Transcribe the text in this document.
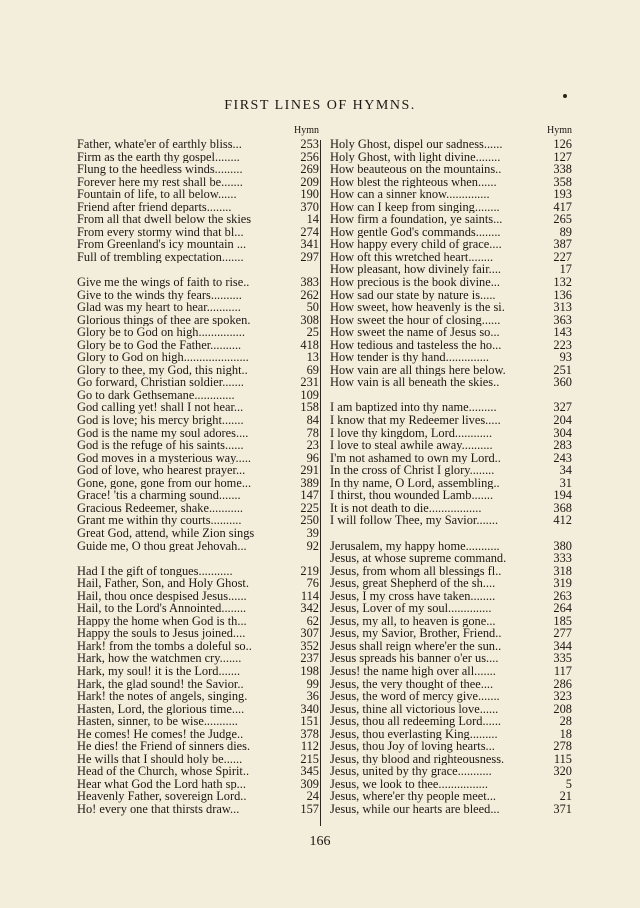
FIRST LINES OF HYMNS.
Hymn
Father, whate'er of earthly bliss...	253
Firm as the earth thy gospel........	256
Flung to the heedless winds.........	269
Forever here my rest shall be.......	209
Fountain of life, to all below......	190
Friend after friend departs........	370
From all that dwell below the skies	14
From every stormy wind that bl...	274
From Greenland's icy mountain ...	341
Full of trembling expectation.......	297
Give me the wings of faith to rise..	383
Give to the winds thy fears..........	262
Glad was my heart to hear...........	50
Glorious things of thee are spoken.	308
Glory be to God on high...............	25
Glory be to God the Father..........	418
Glory to God on high.....................	13
Glory to thee, my God, this night..	69
Go forward, Christian soldier.......	231
Go to dark Gethsemane.............	109
God calling yet! shall I not hear...	158
God is love; his mercy bright.......	84
God is the name my soul adores....	78
God is the refuge of his saints......	23
God moves in a mysterious way.....	96
God of love, who hearest prayer...	291
Gone, gone, gone from our home...	389
Grace! 'tis a charming sound.......	147
Gracious Redeemer, shake...........	225
Grant me within thy courts..........	250
Great God, attend, while Zion sings	39
Guide me, O thou great Jehovah...	92
Had I the gift of tongues...........	219
Hail, Father, Son, and Holy Ghost.	76
Hail, thou once despised Jesus......	114
Hail, to the Lord's Annointed........	342
Happy the home when God is th...	62
Happy the souls to Jesus joined....	307
Hark! from the tombs a doleful so..	352
Hark, how the watchmen cry.......	237
Hark, my soul! it is the Lord.......	198
Hark, the glad sound! the Savior..	99
Hark! the notes of angels, singing.	36
Hasten, Lord, the glorious time....	340
Hasten, sinner, to be wise...........	151
He comes! He comes! the Judge..	378
He dies! the Friend of sinners dies.	112
He wills that I should holy be......	215
Head of the Church, whose Spirit..	345
Hear what God the Lord hath sp...	309
Heavenly Father, sovereign Lord..	24
Ho! every one that thirsts draw...	157
Hymn
Holy Ghost, dispel our sadness......	126
Holy Ghost, with light divine........	127
How beauteous on the mountains..	338
How blest the righteous when......	358
How can a sinner know..............	193
How can I keep from singing........	417
How firm a foundation, ye saints...	265
How gentle God's commands........	89
How happy every child of grace....	387
How oft this wretched heart........	227
How pleasant, how divinely fair....	17
How precious is the book divine...	132
How sad our state by nature is.....	136
How sweet, how heavenly is the si.	313
How sweet the hour of closing......	363
How sweet the name of Jesus so...	143
How tedious and tasteless the ho...	223
How tender is thy hand..............	93
How vain are all things here below.	251
How vain is all beneath the skies..	360
I am baptized into thy name.........	327
I know that my Redeemer lives.....	204
I love thy kingdom, Lord............	304
I love to steal awhile away..........	283
I'm not ashamed to own my Lord..	243
In the cross of Christ I glory........	34
In thy name, O Lord, assembling..	31
I thirst, thou wounded Lamb.......	194
It is not death to die.................	368
I will follow Thee, my Savior.......	412
Jerusalem, my happy home...........	380
Jesus, at whose supreme command.	333
Jesus, from whom all blessings fl..	318
Jesus, great Shepherd of the sh....	319
Jesus, I my cross have taken........	263
Jesus, Lover of my soul..............	264
Jesus, my all, to heaven is gone...	185
Jesus, my Savior, Brother, Friend..	277
Jesus shall reign where'er the sun..	344
Jesus spreads his banner o'er us....	335
Jesus! the name high over all.......	117
Jesus, the very thought of thee....	286
Jesus, the word of mercy give.......	323
Jesus, thine all victorious love......	208
Jesus, thou all redeeming Lord......	28
Jesus, thou everlasting King.........	18
Jesus, thou Joy of loving hearts...	278
Jesus, thy blood and righteousness.	115
Jesus, united by thy grace...........	320
Jesus, we look to thee................	5
Jesus, where'er thy people meet...	21
Jesus, while our hearts are bleed...	371
166
